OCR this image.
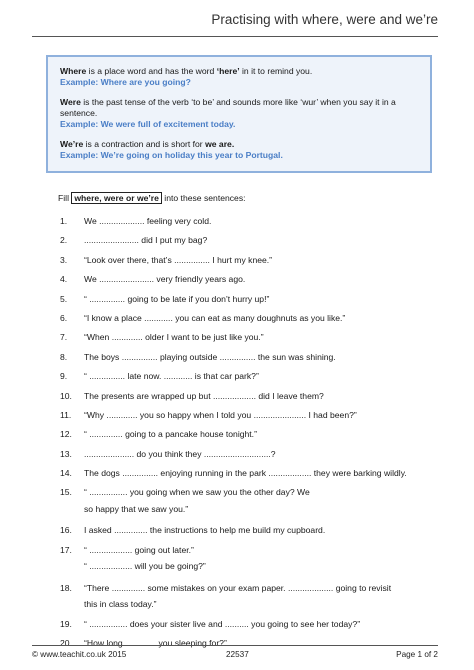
Practising with where, were and we’re

Where is a place word and has the word ‘here’ in it to remind you.
Example: Where are you going?

Were is the past tense of the verb ‘to be’ and sounds more like ‘wur’ when you say it in a sentence.
Example: We were full of excitement today.

We’re is a contraction and is short for we are.
Example: We’re going on holiday this year to Portugal.

Fill where, were or we’re into these sentences:
1. We ................... feeling very cold.
2. ....................... did I put my bag?
3. “Look over there, that’s ............... I hurt my knee.”
4. We ....................... very friendly years ago.
5. “ ............... going to be late if you don’t hurry up!”
6. “I know a place ............ you can eat as many doughnuts as you like.”
7. “When ............. older I want to be just like you.”
8. The boys ............... playing outside ............... the sun was shining.
9. “ ............... late now. ............ is that car park?”
10. The presents are wrapped up but .................. did I leave them?
11. “Why ............. you so happy when I told you ...................... I had been?”
12. “ .............. going to a pancake house tonight.”
13. ..................... do you think they ............................?
14. The dogs ............... enjoying running in the park .................. they were barking wildly.
15. “ ................ you going when we saw you the other day? We
so happy that we saw you.”
16. I asked .............. the instructions to help me build my cupboard.
17. “ .................. going out later.”
“ .................. will you be going?”
18. “There .............. some mistakes on your exam paper. ................... going to revisit
this in class today.”
19. “ ................ does your sister live and .......... you going to see her today?”
20. “How long ............. you sleeping for?”
© www.teachit.co.uk 2015	22537	Page 1 of 2
